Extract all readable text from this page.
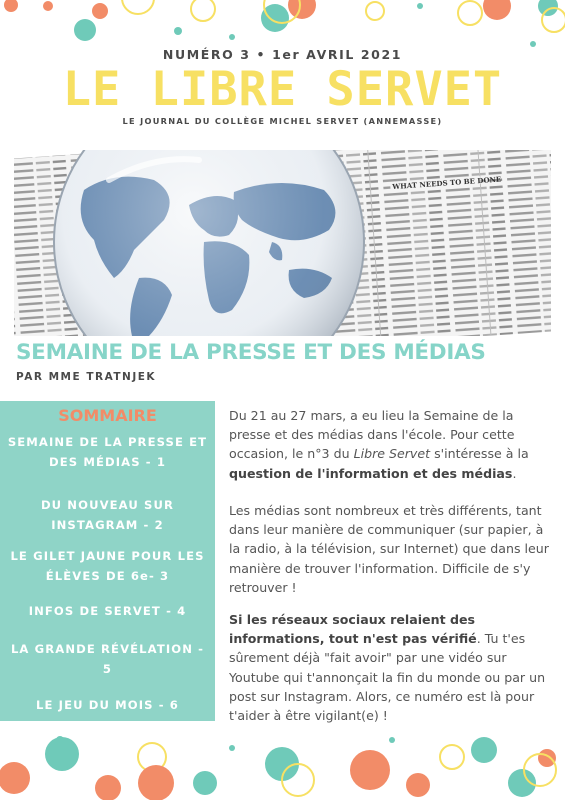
NUMÉRO 3 • 1er AVRIL 2021
LE LIBRE SERVET
LE JOURNAL DU COLLÈGE MICHEL SERVET (ANNEMASSE)
WHAT NEEDS TO BE DONE
SEMAINE DE LA PRESSE ET DES MÉDIAS
PAR MME TRATNJEK
SOMMAIRE
SEMAINE DE LA PRESSE ET DES MÉDIAS - 1
DU NOUVEAU SUR INSTAGRAM - 2
LE GILET JAUNE POUR LES ÉLÈVES DE 6e- 3
INFOS DE SERVET - 4
LA GRANDE RÉVÉLATION - 5
LE JEU DU MOIS - 6

Du 21 au 27 mars, a eu lieu la Semaine de la presse et des médias dans l'école. Pour cette occasion, le n°3 du Libre Servet s'intéresse à la question de l'information et des médias.

Les médias sont nombreux et très différents, tant dans leur manière de communiquer (sur papier, à la radio, à la télévision, sur Internet) que dans leur manière de trouver l'information. Difficile de s'y retrouver !

Si les réseaux sociaux relaient des informations, tout n'est pas vérifié. Tu t'es sûrement déjà "fait avoir" par une vidéo sur Youtube qui t'annonçait la fin du monde ou par un post sur Instagram. Alors, ce numéro est là pour t'aider à être vigilant(e) !
